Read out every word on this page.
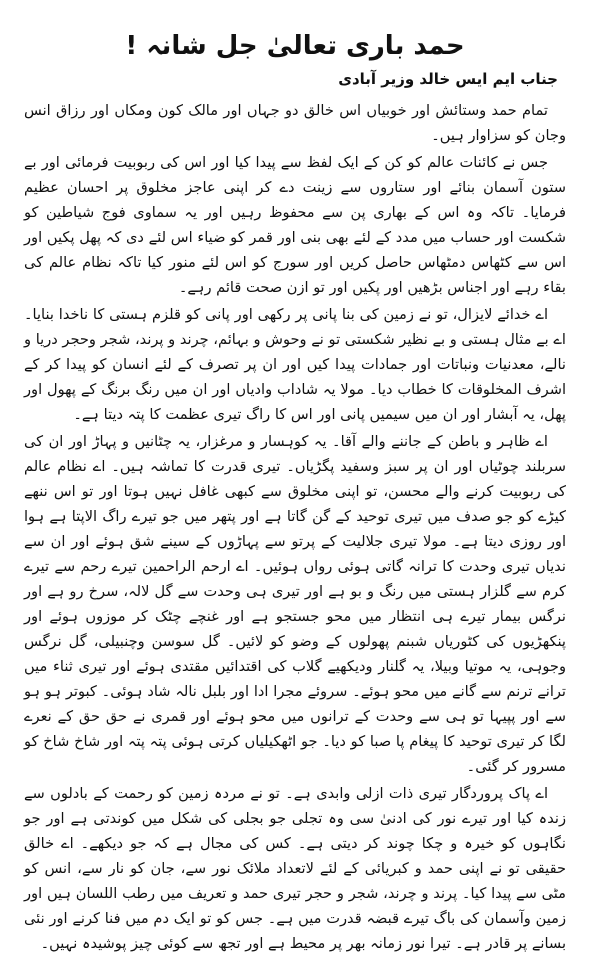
حمد باری تعالیٰ جل شانہ !
جناب ایم ایس خالد وزیر آبادی

تمام حمد وستائش اور خوبیاں اس خالق دو جہاں اور مالک کون ومکاں اور رزاق انس وجان کو سزاوار ہیں۔

جس نے کائنات عالم کو کن کے ایک لفظ سے پیدا کیا اور اس کی ربوبیت فرمائی اور بے ستون آسمان بنائے اور ستاروں سے زینت دے کر اپنی عاجز مخلوق پر احسان عظیم فرمایا۔ تاکہ وہ اس کے بھاری پن سے محفوظ رہیں اور یہ سماوی فوج شیاطین کو شکست اور حساب میں مدد کے لئے بھی بنی اور قمر کو ضیاء اس لئے دی کہ پھل پکیں اور اس سے کٹھاس دمٹھاس حاصل کریں اور سورج کو اس لئے منور کیا تاکہ نظام عالم کی بقاء رہے اور اجناس بڑھیں اور پکیں اور تو ازن صحت قائم رہے۔

اے خدائے لایزال، تو نے زمین کی بنا پانی پر رکھی اور پانی کو قلزم ہستی کا ناخدا بنایا۔ اے بے مثال ہستی و بے نظیر شکستی تو نے وحوش و بہائم، چرند و پرند، شجر وحجر دریا و نالے، معدنیات ونباتات اور جمادات پیدا کیں اور ان پر تصرف کے لئے انسان کو پیدا کر کے اشرف المخلوقات کا خطاب دیا۔ مولا یہ شاداب وادیاں اور ان میں رنگ برنگ کے پھول اور پھل، یہ آبشار اور ان میں سیمیں پانی اور اس کا راگ تیری عظمت کا پتہ دیتا ہے۔

اے ظاہر و باطن کے جاننے والے آقا۔ یہ کوہسار و مرغزار، یہ چٹانیں و پہاڑ اور ان کی سربلند چوٹیاں اور ان پر سبز وسفید پگڑیاں۔ تیری قدرت کا تماشہ ہیں۔ اے نظام عالم کی ربوبیت کرنے والے محسن، تو اپنی مخلوق سے کبھی غافل نہیں ہوتا اور تو اس ننھے کیڑے کو جو صدف میں تیری توحید کے گن گاتا ہے اور پتھر میں جو تیرے راگ الاپتا ہے ہوا اور روزی دیتا ہے۔ مولا تیری جلالیت کے پرتو سے پہاڑوں کے سینے شق ہوئے اور ان سے ندیاں تیری وحدت کا ترانہ گاتی ہوئی رواں ہوئیں۔ اے ارحم الراحمین تیرے رحم سے تیرے کرم سے گلزار ہستی میں رنگ و بو ہے اور تیری ہی وحدت سے گل لالہ، سرخ رو ہے اور نرگس بیمار تیرے ہی انتظار میں محو جستجو ہے اور غنچے چٹک کر موزوں ہوئے اور پنکھڑیوں کی کٹوریاں شبنم پھولوں کے وضو کو لائیں۔ گل سوسن وچنبیلی، گل نرگس وجوہی، یہ موتیا وبیلا، یہ گلنار ودیکھیے گلاب کی اقتدائیں مقتدی ہوئے اور تیری ثناء میں ترانے ترنم سے گانے میں محو ہوئے۔ سروئے مجرا ادا اور بلبل نالہ شاد ہوئی۔ کبوتر ہو ہو سے اور پپیہا تو ہی سے وحدت کے ترانوں میں محو ہوئے اور قمری نے حق حق کے نعرے لگا کر تیری توحید کا پیغام پا صبا کو دیا۔ جو اٹھکیلیاں کرتی ہوئی پتہ پتہ اور شاخ شاخ کو مسرور کر گئی۔

اے پاک پروردگار تیری ذات ازلی وابدی ہے۔ تو نے مردہ زمین کو رحمت کے بادلوں سے زندہ کیا اور تیرے نور کی ادنیٰ سی وہ تجلی جو بجلی کی شکل میں کوندتی ہے اور جو نگاہوں کو خیرہ و چکا چوند کر دیتی ہے۔ کس کی مجال ہے کہ جو دیکھے۔ اے خالق حقیقی تو نے اپنی حمد و کبریائی کے لئے لاتعداد ملائک نور سے، جان کو نار سے، انس کو مٹی سے پیدا کیا۔ پرند و چرند، شجر و حجر تیری حمد و تعریف میں رطب اللسان ہیں اور زمین وآسمان کی باگ تیرے قبضہ قدرت میں ہے۔ جس کو تو ایک دم میں فنا کرنے اور نئی بسانے پر قادر ہے۔ تیرا نور زمانہ بھر پر محیط ہے اور تجھ سے کوئی چیز پوشیدہ نہیں۔
